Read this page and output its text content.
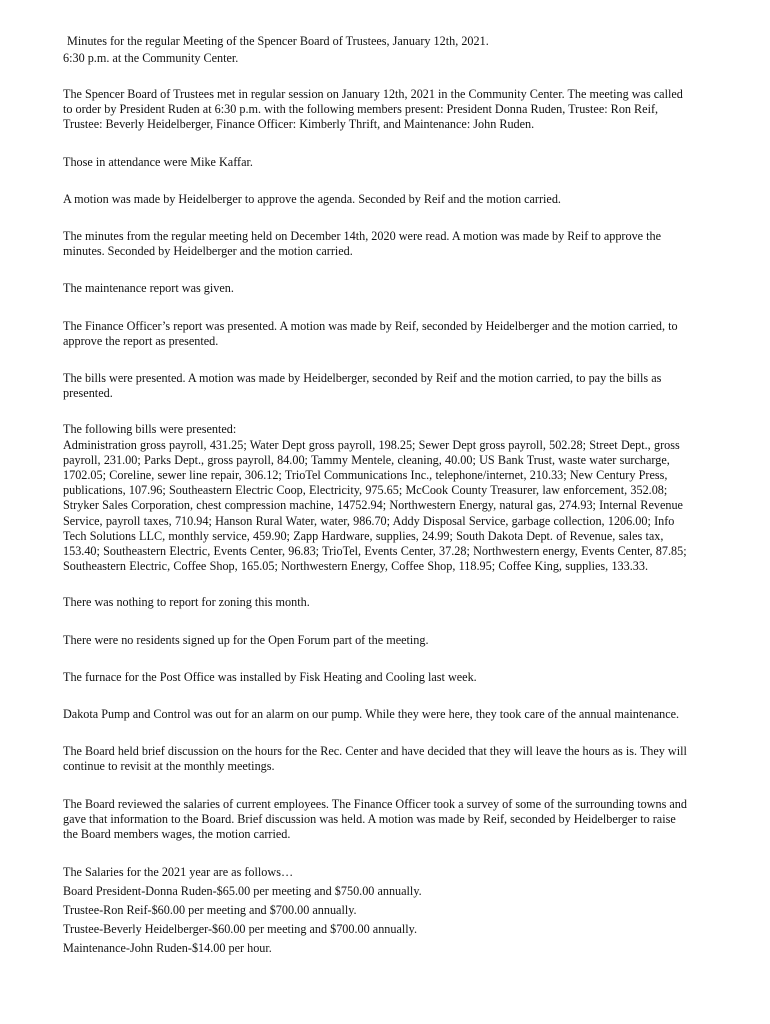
Minutes for the regular Meeting of the Spencer Board of Trustees, January 12th, 2021.

6:30 p.m. at the Community Center.

The Spencer Board of Trustees met in regular session on January 12th, 2021 in the Community Center. The meeting was called to order by President Ruden at 6:30 p.m. with the following members present: President Donna Ruden, Trustee: Ron Reif, Trustee: Beverly Heidelberger, Finance Officer: Kimberly Thrift, and Maintenance: John Ruden.

Those in attendance were Mike Kaffar.

A motion was made by Heidelberger to approve the agenda. Seconded by Reif and the motion carried.

The minutes from the regular meeting held on December 14th, 2020 were read. A motion was made by Reif to approve the minutes. Seconded by Heidelberger and the motion carried.

The maintenance report was given.

The Finance Officer’s report was presented. A motion was made by Reif, seconded by Heidelberger and the motion carried, to approve the report as presented.

The bills were presented. A motion was made by Heidelberger, seconded by Reif and the motion carried, to pay the bills as presented.

The following bills were presented:

Administration gross payroll, 431.25; Water Dept gross payroll, 198.25; Sewer Dept gross payroll, 502.28; Street Dept., gross payroll, 231.00; Parks Dept., gross payroll, 84.00; Tammy Mentele, cleaning, 40.00; US Bank Trust, waste water surcharge, 1702.05; Coreline, sewer line repair, 306.12; TrioTel Communications Inc., telephone/internet, 210.33; New Century Press, publications, 107.96; Southeastern Electric Coop, Electricity, 975.65; McCook County Treasurer, law enforcement, 352.08; Stryker Sales Corporation, chest compression machine, 14752.94; Northwestern Energy, natural gas, 274.93; Internal Revenue Service, payroll taxes, 710.94; Hanson Rural Water, water, 986.70; Addy Disposal Service, garbage collection, 1206.00; Info Tech Solutions LLC, monthly service, 459.90; Zapp Hardware, supplies, 24.99; South Dakota Dept. of Revenue, sales tax, 153.40; Southeastern Electric, Events Center, 96.83; TrioTel, Events Center, 37.28; Northwestern energy, Events Center, 87.85; Southeastern Electric, Coffee Shop, 165.05; Northwestern Energy, Coffee Shop, 118.95; Coffee King, supplies, 133.33.

There was nothing to report for zoning this month.

There were no residents signed up for the Open Forum part of the meeting.

The furnace for the Post Office was installed by Fisk Heating and Cooling last week.

Dakota Pump and Control was out for an alarm on our pump. While they were here, they took care of the annual maintenance.

The Board held brief discussion on the hours for the Rec. Center and have decided that they will leave the hours as is. They will continue to revisit at the monthly meetings.

The Board reviewed the salaries of current employees. The Finance Officer took a survey of some of the surrounding towns and gave that information to the Board. Brief discussion was held. A motion was made by Reif, seconded by Heidelberger to raise the Board members wages, the motion carried.

The Salaries for the 2021 year are as follows…

Board President-Donna Ruden-$65.00 per meeting and $750.00 annually.

Trustee-Ron Reif-$60.00 per meeting and $700.00 annually.

Trustee-Beverly Heidelberger-$60.00 per meeting and $700.00 annually.

Maintenance-John Ruden-$14.00 per hour.
